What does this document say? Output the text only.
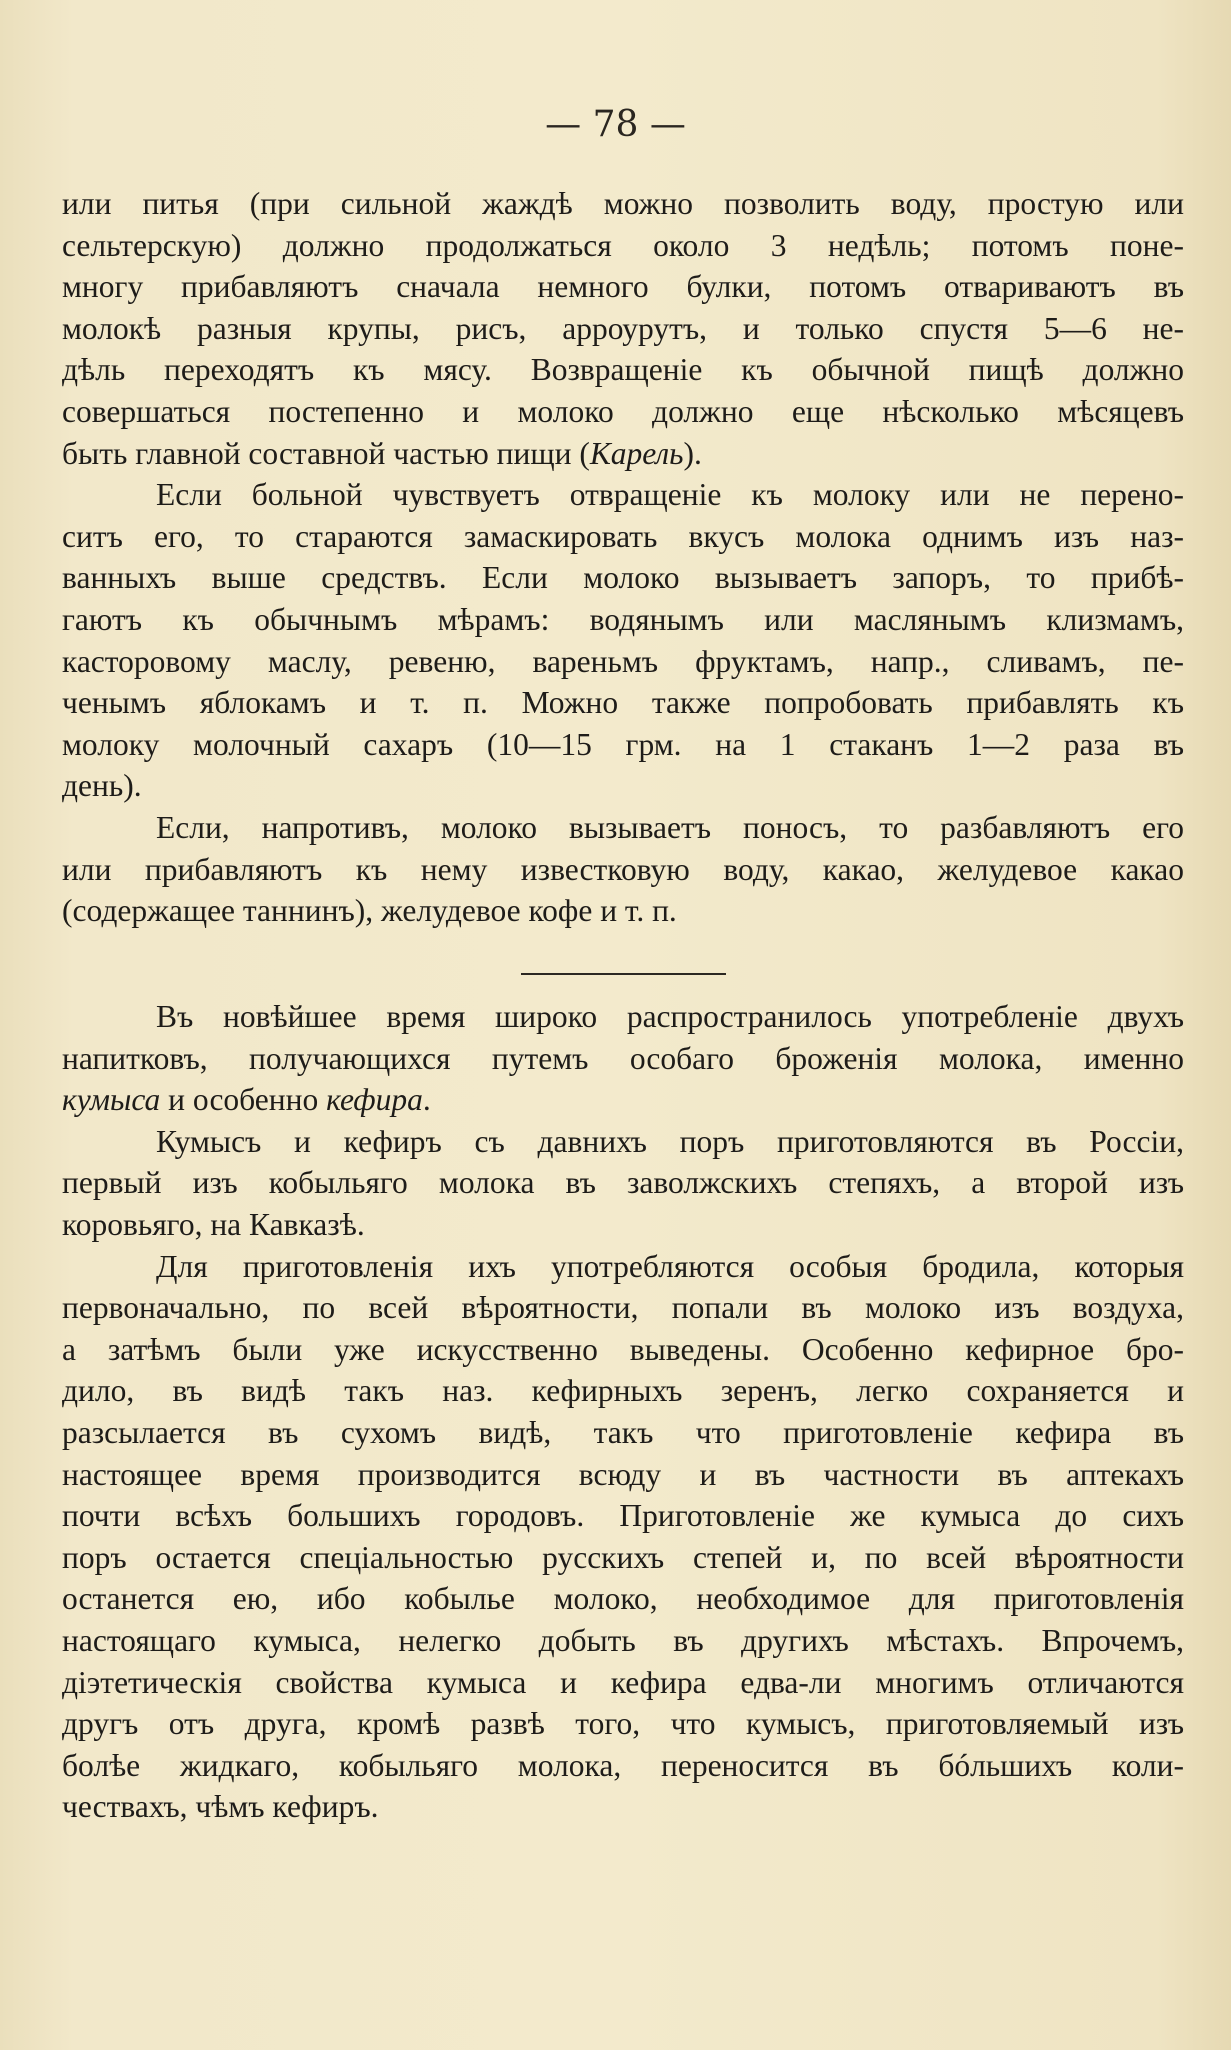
— 78 —
или питья (при сильной жаждѣ можно позволить воду, простую или
сельтерскую) должно продолжаться около 3 недѣль; потомъ поне-
многу прибавляютъ сначала немного булки, потомъ отвариваютъ въ
молокѣ разныя крупы, рисъ, арроурутъ, и только спустя 5—6 не-
дѣль переходятъ къ мясу. Возвращеніе къ обычной пищѣ должно
совершаться постепенно и молоко должно еще нѣсколько мѣсяцевъ
быть главной составной частью пищи (Карель).
Если больной чувствуетъ отвращеніе къ молоку или не перено-
ситъ его, то стараются замаскировать вкусъ молока однимъ изъ наз-
ванныхъ выше средствъ. Если молоко вызываетъ запоръ, то прибѣ-
гаютъ къ обычнымъ мѣрамъ: водянымъ или маслянымъ клизмамъ,
касторовому маслу, ревеню, вареньмъ фруктамъ, напр., сливамъ, пе-
ченымъ яблокамъ и т. п. Можно также попробовать прибавлять къ
молоку молочный сахаръ (10—15 грм. на 1 стаканъ 1—2 раза въ
день).
Если, напротивъ, молоко вызываетъ поносъ, то разбавляютъ его
или прибавляютъ къ нему известковую воду, какао, желудевое какао
(содержащее таннинъ), желудевое кофе и т. п.
Въ новѣйшее время широко распространилось употребленіе двухъ
напитковъ, получающихся путемъ особаго броженія молока, именно
кумыса и особенно кефира.
Кумысъ и кефиръ съ давнихъ поръ приготовляются въ Россіи,
первый изъ кобыльяго молока въ заволжскихъ степяхъ, а второй изъ
коровьяго, на Кавказѣ.
Для приготовленія ихъ употребляются особыя бродила, которыя
первоначально, по всей вѣроятности, попали въ молоко изъ воздуха,
а затѣмъ были уже искусственно выведены. Особенно кефирное бро-
дило, въ видѣ такъ наз. кефирныхъ зеренъ, легко сохраняется и
разсылается въ сухомъ видѣ, такъ что приготовленіе кефира въ
настоящее время производится всюду и въ частности въ аптекахъ
почти всѣхъ большихъ городовъ. Приготовленіе же кумыса до сихъ
поръ остается спеціальностью русскихъ степей и, по всей вѣроятности
останется ею, ибо кобылье молоко, необходимое для приготовленія
настоящаго кумыса, нелегко добыть въ другихъ мѣстахъ. Впрочемъ,
діэтетическія свойства кумыса и кефира едва-ли многимъ отличаются
другъ отъ друга, кромѣ развѣ того, что кумысъ, приготовляемый изъ
болѣе жидкаго, кобыльяго молока, переносится въ бóльшихъ коли-
чествахъ, чѣмъ кефиръ.
